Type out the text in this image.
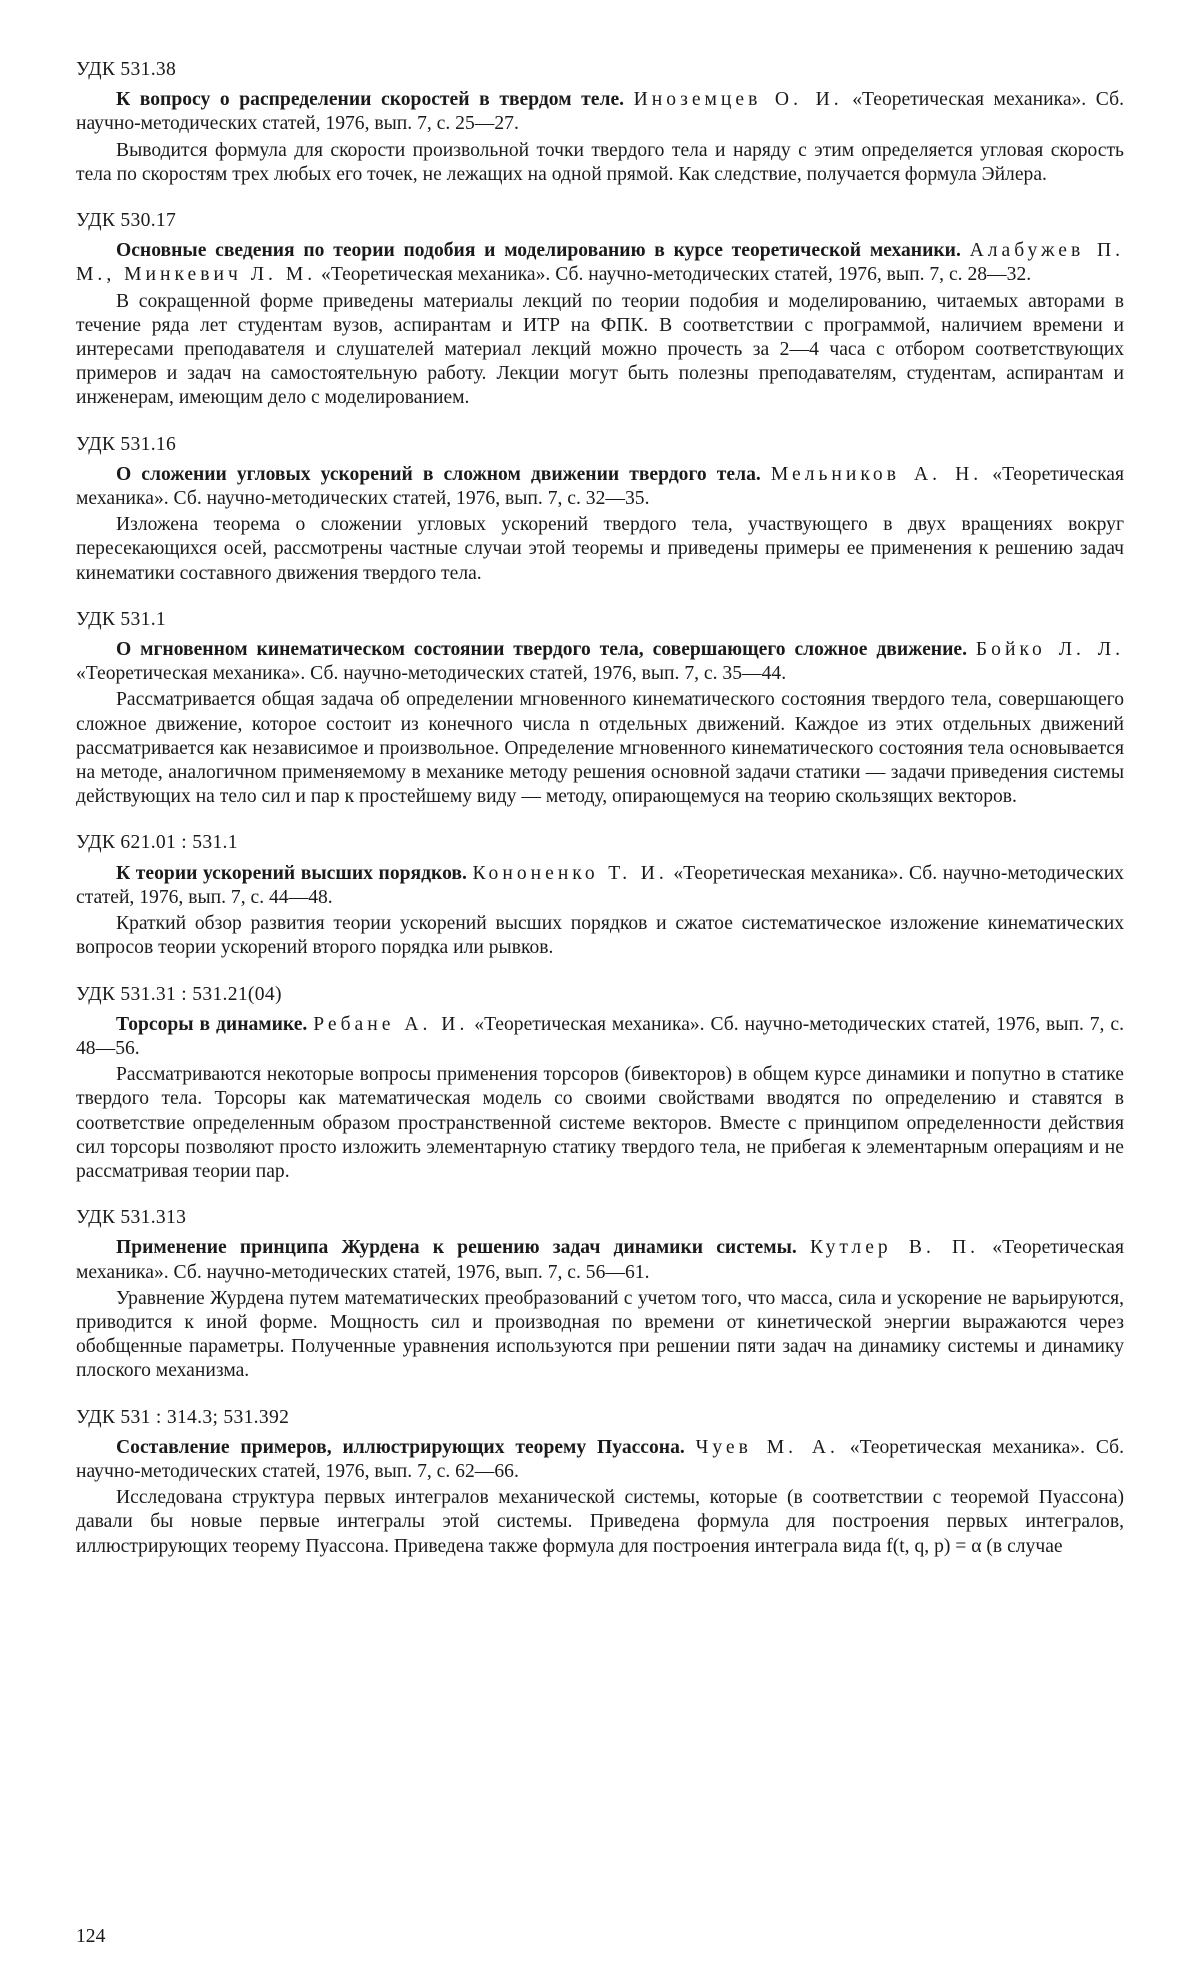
УДК 531.38

К вопросу о распределении скоростей в твердом теле. Иноземцев О. И. «Теоретическая механика». Сб. научно-методических статей, 1976, вып. 7, с. 25—27.

Выводится формула для скорости произвольной точки твердого тела и наряду с этим определяется угловая скорость тела по скоростям трех любых его точек, не лежащих на одной прямой. Как следствие, получается формула Эйлера.

УДК 530.17

Основные сведения по теории подобия и моделированию в курсе теоретической механики. Алабужев П. М., Минкевич Л. М. «Теоретическая механика». Сб. научно-методических статей, 1976, вып. 7, с. 28—32.

В сокращенной форме приведены материалы лекций по теории подобия и моделированию, читаемых авторами в течение ряда лет студентам вузов, аспирантам и ИТР на ФПК. В соответствии с программой, наличием времени и интересами преподавателя и слушателей материал лекций можно прочесть за 2—4 часа с отбором соответствующих примеров и задач на самостоятельную работу. Лекции могут быть полезны преподавателям, студентам, аспирантам и инженерам, имеющим дело с моделированием.

УДК 531.16

О сложении угловых ускорений в сложном движении твердого тела. Мельников А. Н. «Теоретическая механика». Сб. научно-методических статей, 1976, вып. 7, с. 32—35.

Изложена теорема о сложении угловых ускорений твердого тела, участвующего в двух вращениях вокруг пересекающихся осей, рассмотрены частные случаи этой теоремы и приведены примеры ее применения к решению задач кинематики составного движения твердого тела.

УДК 531.1

О мгновенном кинематическом состоянии твердого тела, совершающего сложное движение. Бойко Л. Л. «Теоретическая механика». Сб. научно-методических статей, 1976, вып. 7, с. 35—44.

Рассматривается общая задача об определении мгновенного кинематического состояния твердого тела, совершающего сложное движение, которое состоит из конечного числа n отдельных движений. Каждое из этих отдельных движений рассматривается как независимое и произвольное. Определение мгновенного кинематического состояния тела основывается на методе, аналогичном применяемому в механике методу решения основной задачи статики — задачи приведения системы действующих на тело сил и пар к простейшему виду — методу, опирающемуся на теорию скользящих векторов.

УДК 621.01 : 531.1

К теории ускорений высших порядков. Кононенко Т. И. «Теоретическая механика». Сб. научно-методических статей, 1976, вып. 7, с. 44—48.

Краткий обзор развития теории ускорений высших порядков и сжатое систематическое изложение кинематических вопросов теории ускорений второго порядка или рывков.

УДК 531.31 : 531.21(04)

Торсоры в динамике. Ребане А. И. «Теоретическая механика». Сб. научно-методических статей, 1976, вып. 7, с. 48—56.

Рассматриваются некоторые вопросы применения торсоров (бивекторов) в общем курсе динамики и попутно в статике твердого тела. Торсоры как математическая модель со своими свойствами вводятся по определению и ставятся в соответствие определенным образом пространственной системе векторов. Вместе с принципом определенности действия сил торсоры позволяют просто изложить элементарную статику твердого тела, не прибегая к элементарным операциям и не рассматривая теории пар.

УДК 531.313

Применение принципа Журдена к решению задач динамики системы. Кутлер В. П. «Теоретическая механика». Сб. научно-методических статей, 1976, вып. 7, с. 56—61.

Уравнение Журдена путем математических преобразований с учетом того, что масса, сила и ускорение не варьируются, приводится к иной форме. Мощность сил и производная по времени от кинетической энергии выражаются через обобщенные параметры. Полученные уравнения используются при решении пяти задач на динамику системы и динамику плоского механизма.

УДК 531 : 314.3; 531.392

Составление примеров, иллюстрирующих теорему Пуассона. Чуев М. А. «Теоретическая механика». Сб. научно-методических статей, 1976, вып. 7, с. 62—66.

Исследована структура первых интегралов механической системы, которые (в соответствии с теоремой Пуассона) давали бы новые первые интегралы этой системы. Приведена формула для построения первых интегралов, иллюстрирующих теорему Пуассона. Приведена также формула для построения интеграла вида f(t, q, p) = α (в случае

124
